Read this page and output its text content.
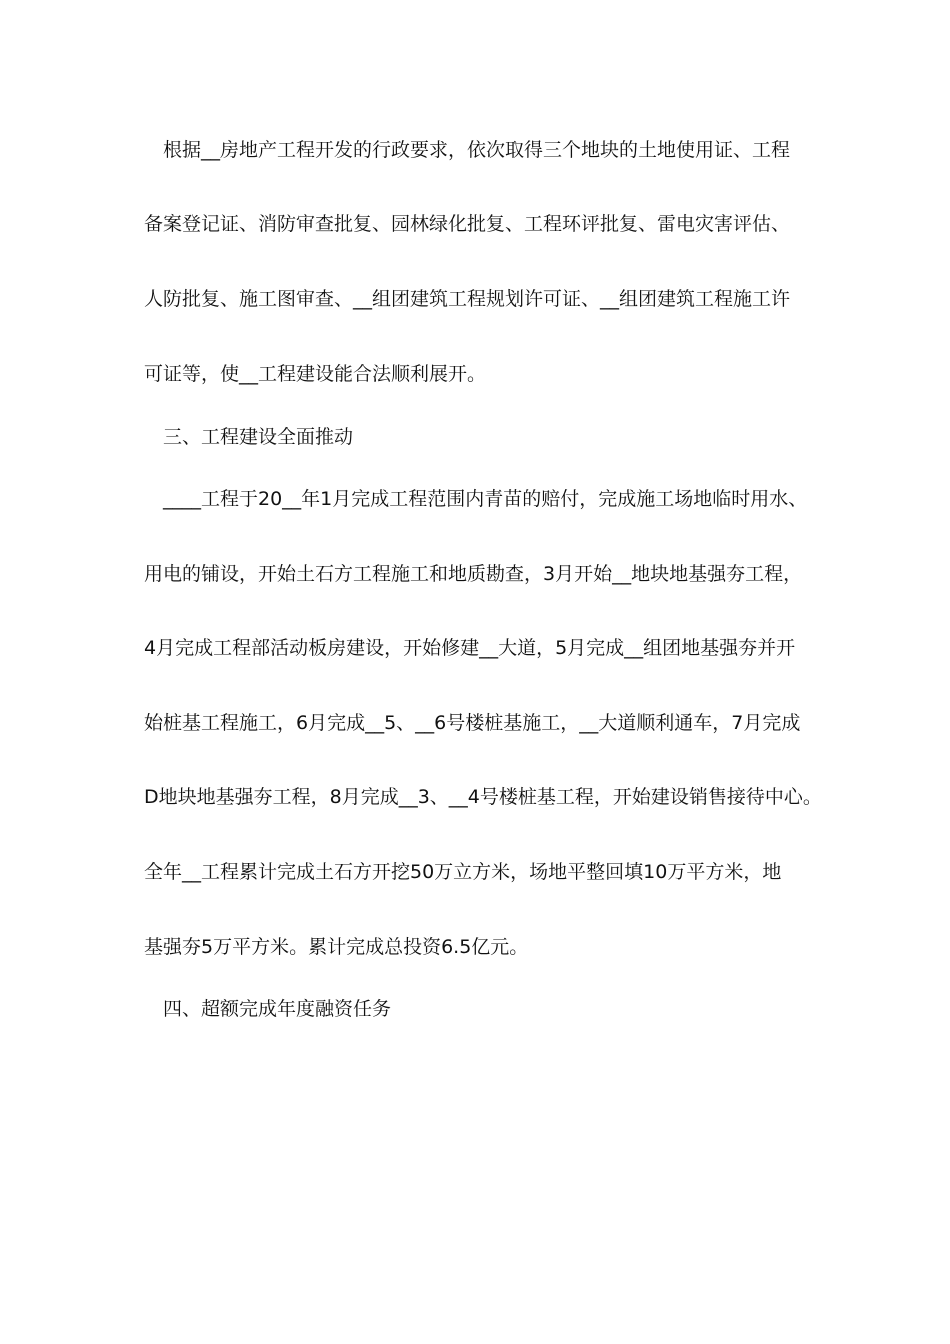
根据__房地产工程开发的行政要求，依次取得三个地块的土地使用证、工程
备案登记证、消防审查批复、园林绿化批复、工程环评批复、雷电灾害评估、
人防批复、施工图审查、__组团建筑工程规划许可证、__组团建筑工程施工许
可证等，使__工程建设能合法顺利展开。
三、工程建设全面推动
____工程于20__年1月完成工程范围内青苗的赔付，完成施工场地临时用水、
用电的铺设，开始土石方工程施工和地质勘查，3月开始__地块地基强夯工程，
4月完成工程部活动板房建设，开始修建__大道，5月完成__组团地基强夯并开
始桩基工程施工，6月完成__5、__6号楼桩基施工，__大道顺利通车，7月完成
D地块地基强夯工程，8月完成__3、__4号楼桩基工程，开始建设销售接待中心。
全年__工程累计完成土石方开挖50万立方米，场地平整回填10万平方米，地
基强夯5万平方米。累计完成总投资6.5亿元。
四、超额完成年度融资任务
